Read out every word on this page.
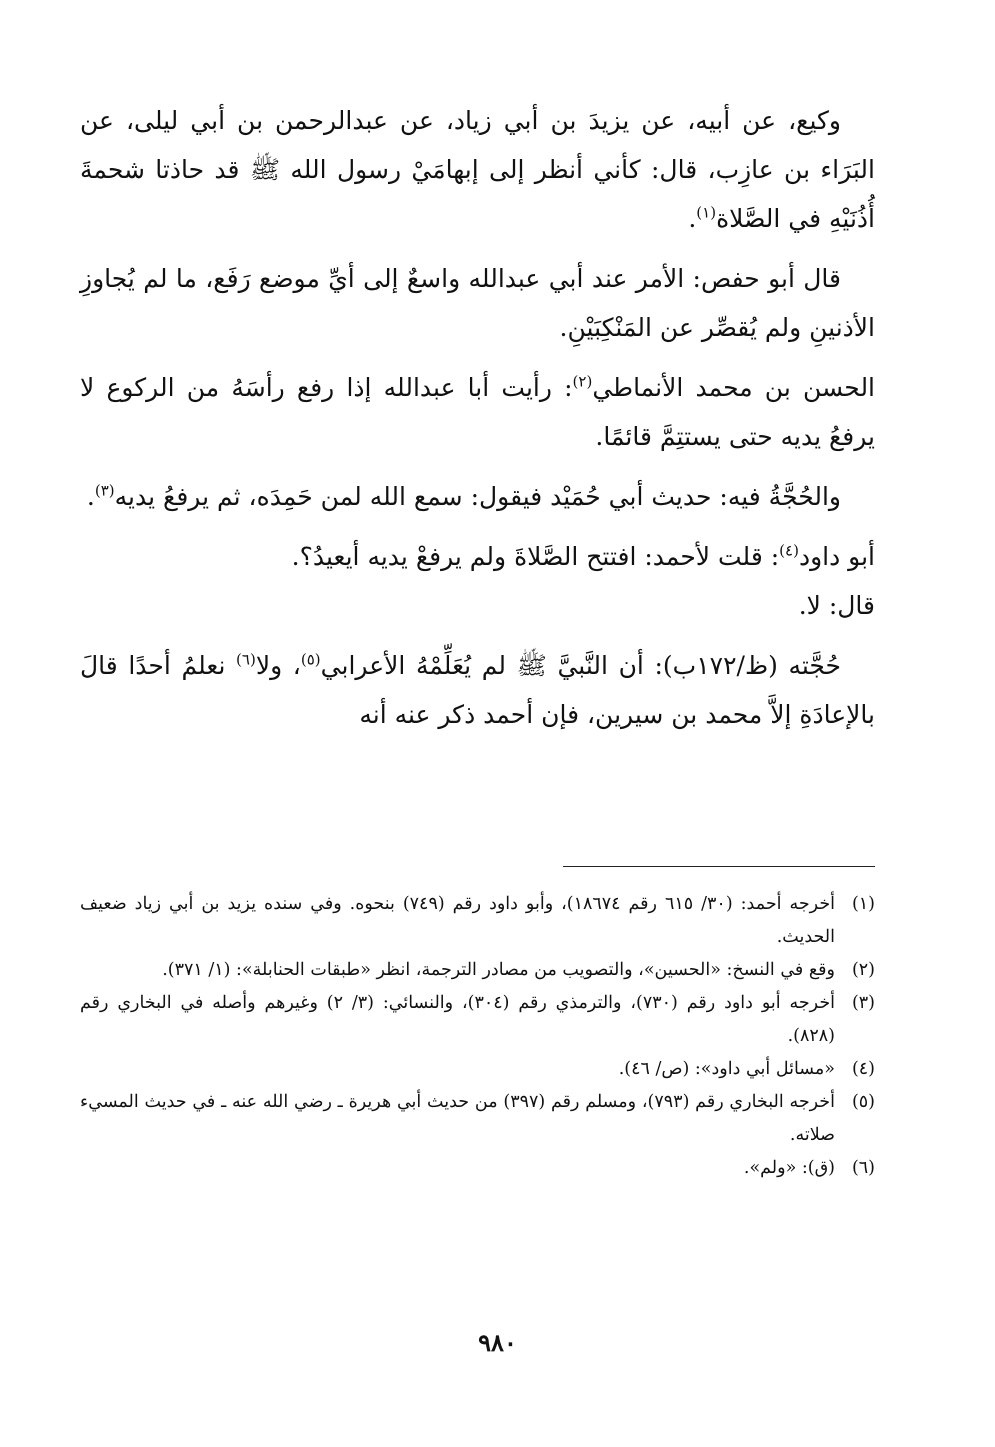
وكيع، عن أبيه، عن يزيدَ بن أبي زياد، عن عبدالرحمن بن أبي ليلى، عن البَرَاء بن عازِب، قال: كأني أنظر إلى إبهامَيْ رسول الله ﷺ قد حاذتا شحمةَ أُذُنَيْهِ في الصَّلاة$^{(١)}$.

قال أبو حفص: الأمر عند أبي عبدالله واسعٌ إلى أيِّ موضع رَفَع، ما لم يُجاوزِ الأذنينِ ولم يُقصِّر عن المَنْكِبَيْنِ.

الحسن بن محمد الأنماطي$^{(٢)}$: رأيت أبا عبدالله إذا رفع رأسَهُ من الركوع لا يرفعُ يديه حتى يستتِمَّ قائمًا.

والحُجَّةُ فيه: حديث أبي حُمَيْد فيقول: سمع الله لمن حَمِدَه، ثم يرفعُ يديه$^{(٣)}$.

أبو داود$^{(٤)}$: قلت لأحمد: افتتح الصَّلاةَ ولم يرفعْ يديه أيعيدُ؟.
قال: لا.

حُجَّته (ظ/١٧٢ب): أن النَّبيَّ ﷺ لم يُعَلِّمْهُ الأعرابي$^{(٥)}$، ولا$^{(٦)}$ نعلمُ أحدًا قالَ بالإعادَةِ إلاَّ محمد بن سيرين، فإن أحمد ذكر عنه أنه

(١)
أخرجه أحمد: (٣٠/ ٦١٥ رقم ١٨٦٧٤)، وأبو داود رقم (٧٤٩) بنحوه. وفي سنده يزيد بن أبي زياد ضعيف الحديث.

(٢)
وقع في النسخ: «الحسين»، والتصويب من مصادر الترجمة، انظر «طبقات الحنابلة»: (١/ ٣٧١).

(٣)
أخرجه أبو داود رقم (٧٣٠)، والترمذي رقم (٣٠٤)، والنسائي: (٣/ ٢) وغيرهم وأصله في البخاري رقم (٨٢٨).

(٤)
«مسائل أبي داود»: (ص/ ٤٦).

(٥)
أخرجه البخاري رقم (٧٩٣)، ومسلم رقم (٣٩٧) من حديث أبي هريرة ـ رضي الله عنه ـ في حديث المسيء صلاته.

(٦)
(ق): «ولم».

٩٨٠
